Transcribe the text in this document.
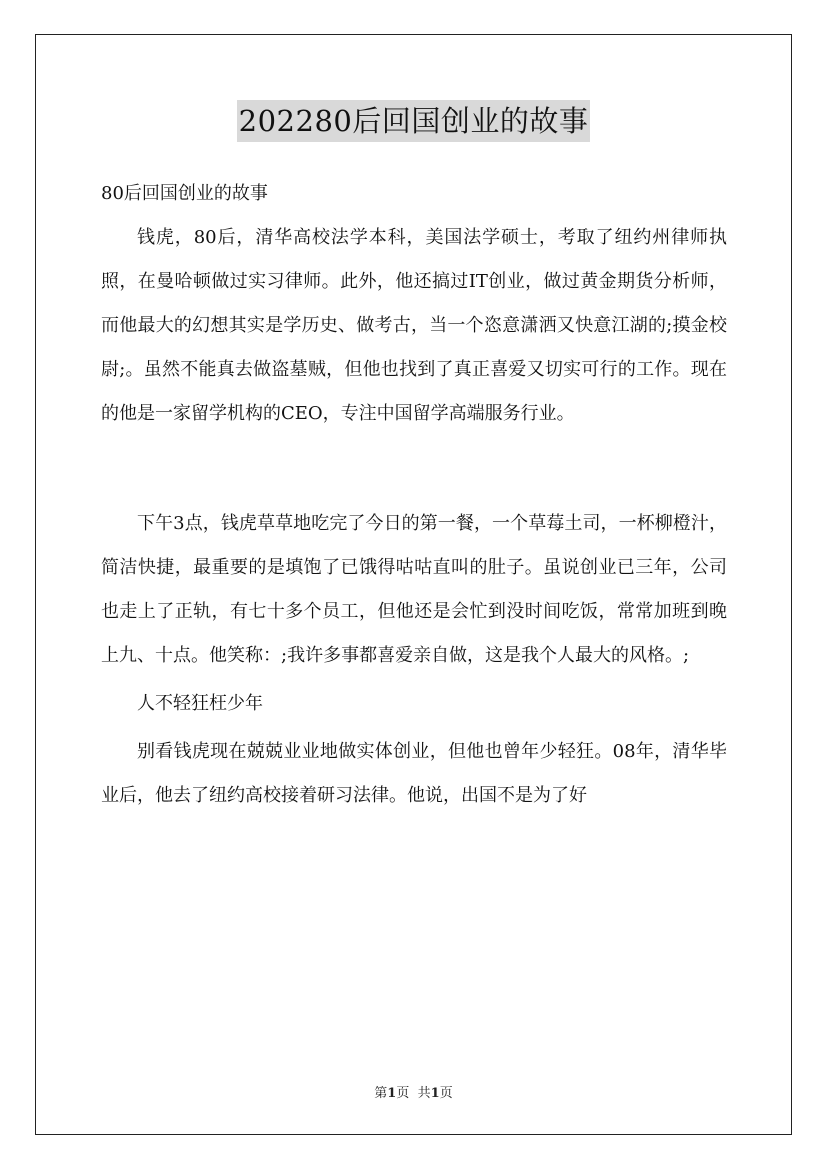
202280后回国创业的故事

80后回国创业的故事

钱虎，80后，清华高校法学本科，美国法学硕士，考取了纽约州律师执照，在曼哈顿做过实习律师。此外，他还搞过IT创业，做过黄金期货分析师，而他最大的幻想其实是学历史、做考古，当一个恣意潇洒又快意江湖的;摸金校尉;。虽然不能真去做盗墓贼，但他也找到了真正喜爱又切实可行的工作。现在的他是一家留学机构的CEO，专注中国留学高端服务行业。

下午3点，钱虎草草地吃完了今日的第一餐，一个草莓土司，一杯柳橙汁，简洁快捷，最重要的是填饱了已饿得咕咕直叫的肚子。虽说创业已三年，公司也走上了正轨，有七十多个员工，但他还是会忙到没时间吃饭，常常加班到晚上九、十点。他笑称：;我许多事都喜爱亲自做，这是我个人最大的风格。;

人不轻狂枉少年

别看钱虎现在兢兢业业地做实体创业，但他也曾年少轻狂。08年，清华毕业后，他去了纽约高校接着研习法律。他说，出国不是为了好

第1页 共1页
